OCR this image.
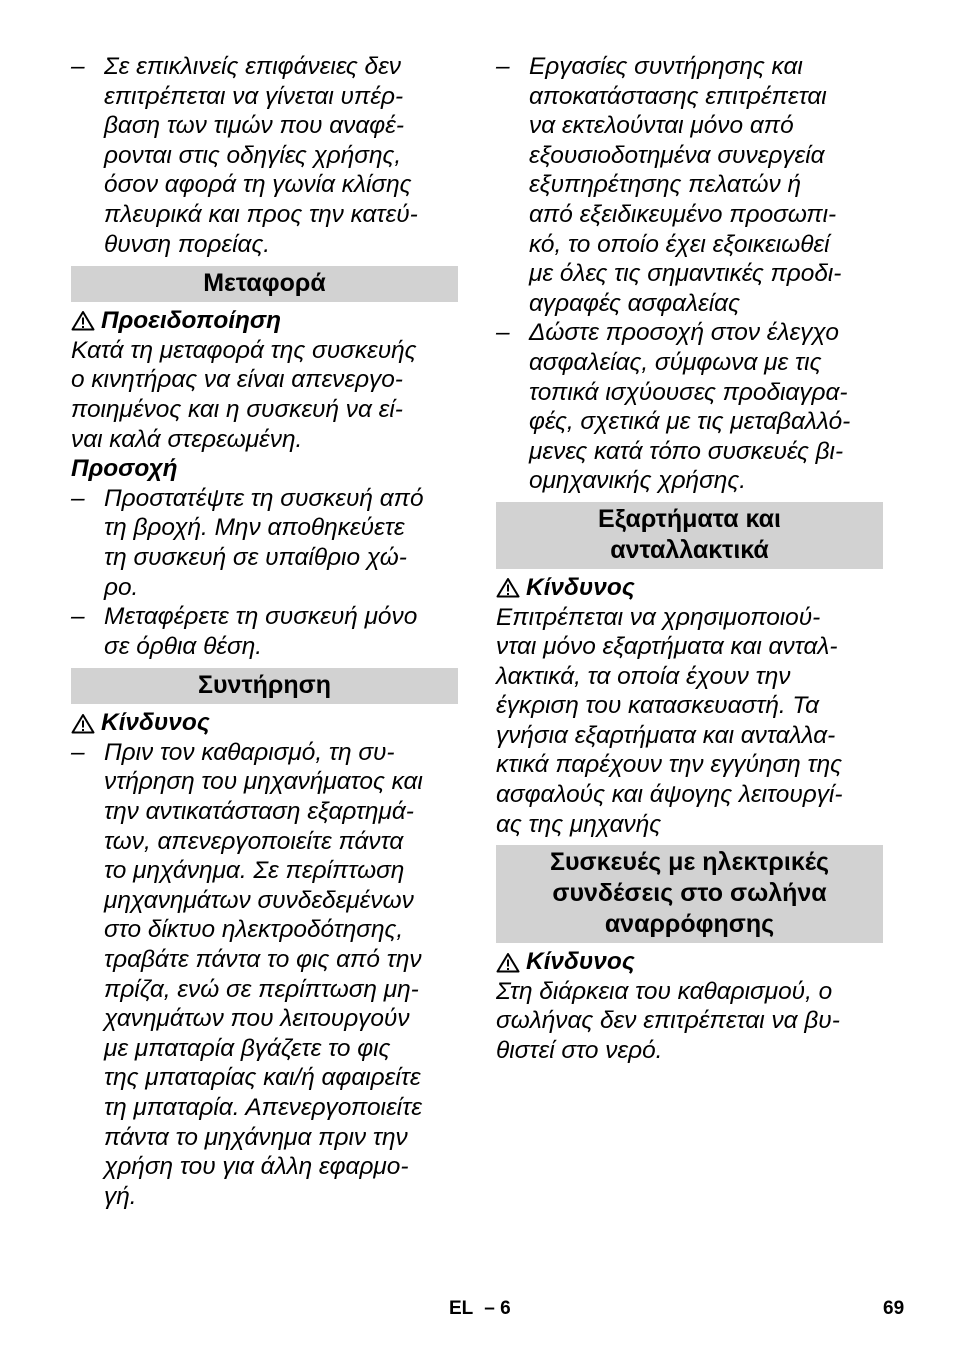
– Σε επικλινείς επιφάνειες δεν επιτρέπεται να γίνεται υπέρ-
βαση των τιμών που αναφέ-
ρονται στις οδηγίες χρήσης,
όσον αφορά τη γωνία κλίσης
πλευρικά και προς την κατεύ-
θυνση πορείας.
Μεταφορά
Προειδοποίηση
Κατά τη μεταφορά της συσκευής
ο κινητήρας να είναι απενεργο-
ποιημένος και η συσκευή να εί-
ναι καλά στερεωμένη.
Προσοχή
– Προστατέψτε τη συσκευή από
τη βροχή. Μην αποθηκεύετε
τη συσκευή σε υπαίθριο χώ-
ρο.
– Μεταφέρετε τη συσκευή μόνο
σε όρθια θέση.
Συντήρηση
Κίνδυνος
– Πριν τον καθαρισμό, τη συ-
ντήρηση του μηχανήματος και
την αντικατάσταση εξαρτημά-
των, απενεργοποιείτε πάντα
το μηχάνημα. Σε περίπτωση
μηχανημάτων συνδεδεμένων
στο δίκτυο ηλεκτροδότησης,
τραβάτε πάντα το φις από την
πρίζα, ενώ σε περίπτωση μη-
χανημάτων που λειτουργούν
με μπαταρία βγάζετε το φις
της μπαταρίας και/ή αφαιρείτε
τη μπαταρία. Απενεργοποιείτε
πάντα το μηχάνημα πριν την
χρήση του για άλλη εφαρμο-
γή.
– Εργασίες συντήρησης και
αποκατάστασης επιτρέπεται
να εκτελούνται μόνο από
εξουσιοδοτημένα συνεργεία
εξυπηρέτησης πελατών ή
από εξειδικευμένο προσωπι-
κό, το οποίο έχει εξοικειωθεί
με όλες τις σημαντικές προδι-
αγραφές ασφαλείας
– Δώστε προσοχή στον έλεγχο
ασφαλείας, σύμφωνα με τις
τοπικά ισχύουσες προδιαγρα-
φές, σχετικά με τις μεταβαλλό-
μενες κατά τόπο συσκευές βι-
ομηχανικής χρήσης.
Εξαρτήματα και
ανταλλακτικά
Κίνδυνος
Επιτρέπεται να χρησιμοποιού-
νται μόνο εξαρτήματα και ανταλ-
λακτικά, τα οποία έχουν την
έγκριση του κατασκευαστή. Τα
γνήσια εξαρτήματα και ανταλλα-
κτικά παρέχουν την εγγύηση της
ασφαλούς και άψογης λειτουργί-
ας της μηχανής
Συσκευές με ηλεκτρικές
συνδέσεις στο σωλήνα
αναρρόφησης
Κίνδυνος
Στη διάρκεια του καθαρισμού, ο
σωλήνας δεν επιτρέπεται να βυ-
θιστεί στο νερό.
EL – 6	69
